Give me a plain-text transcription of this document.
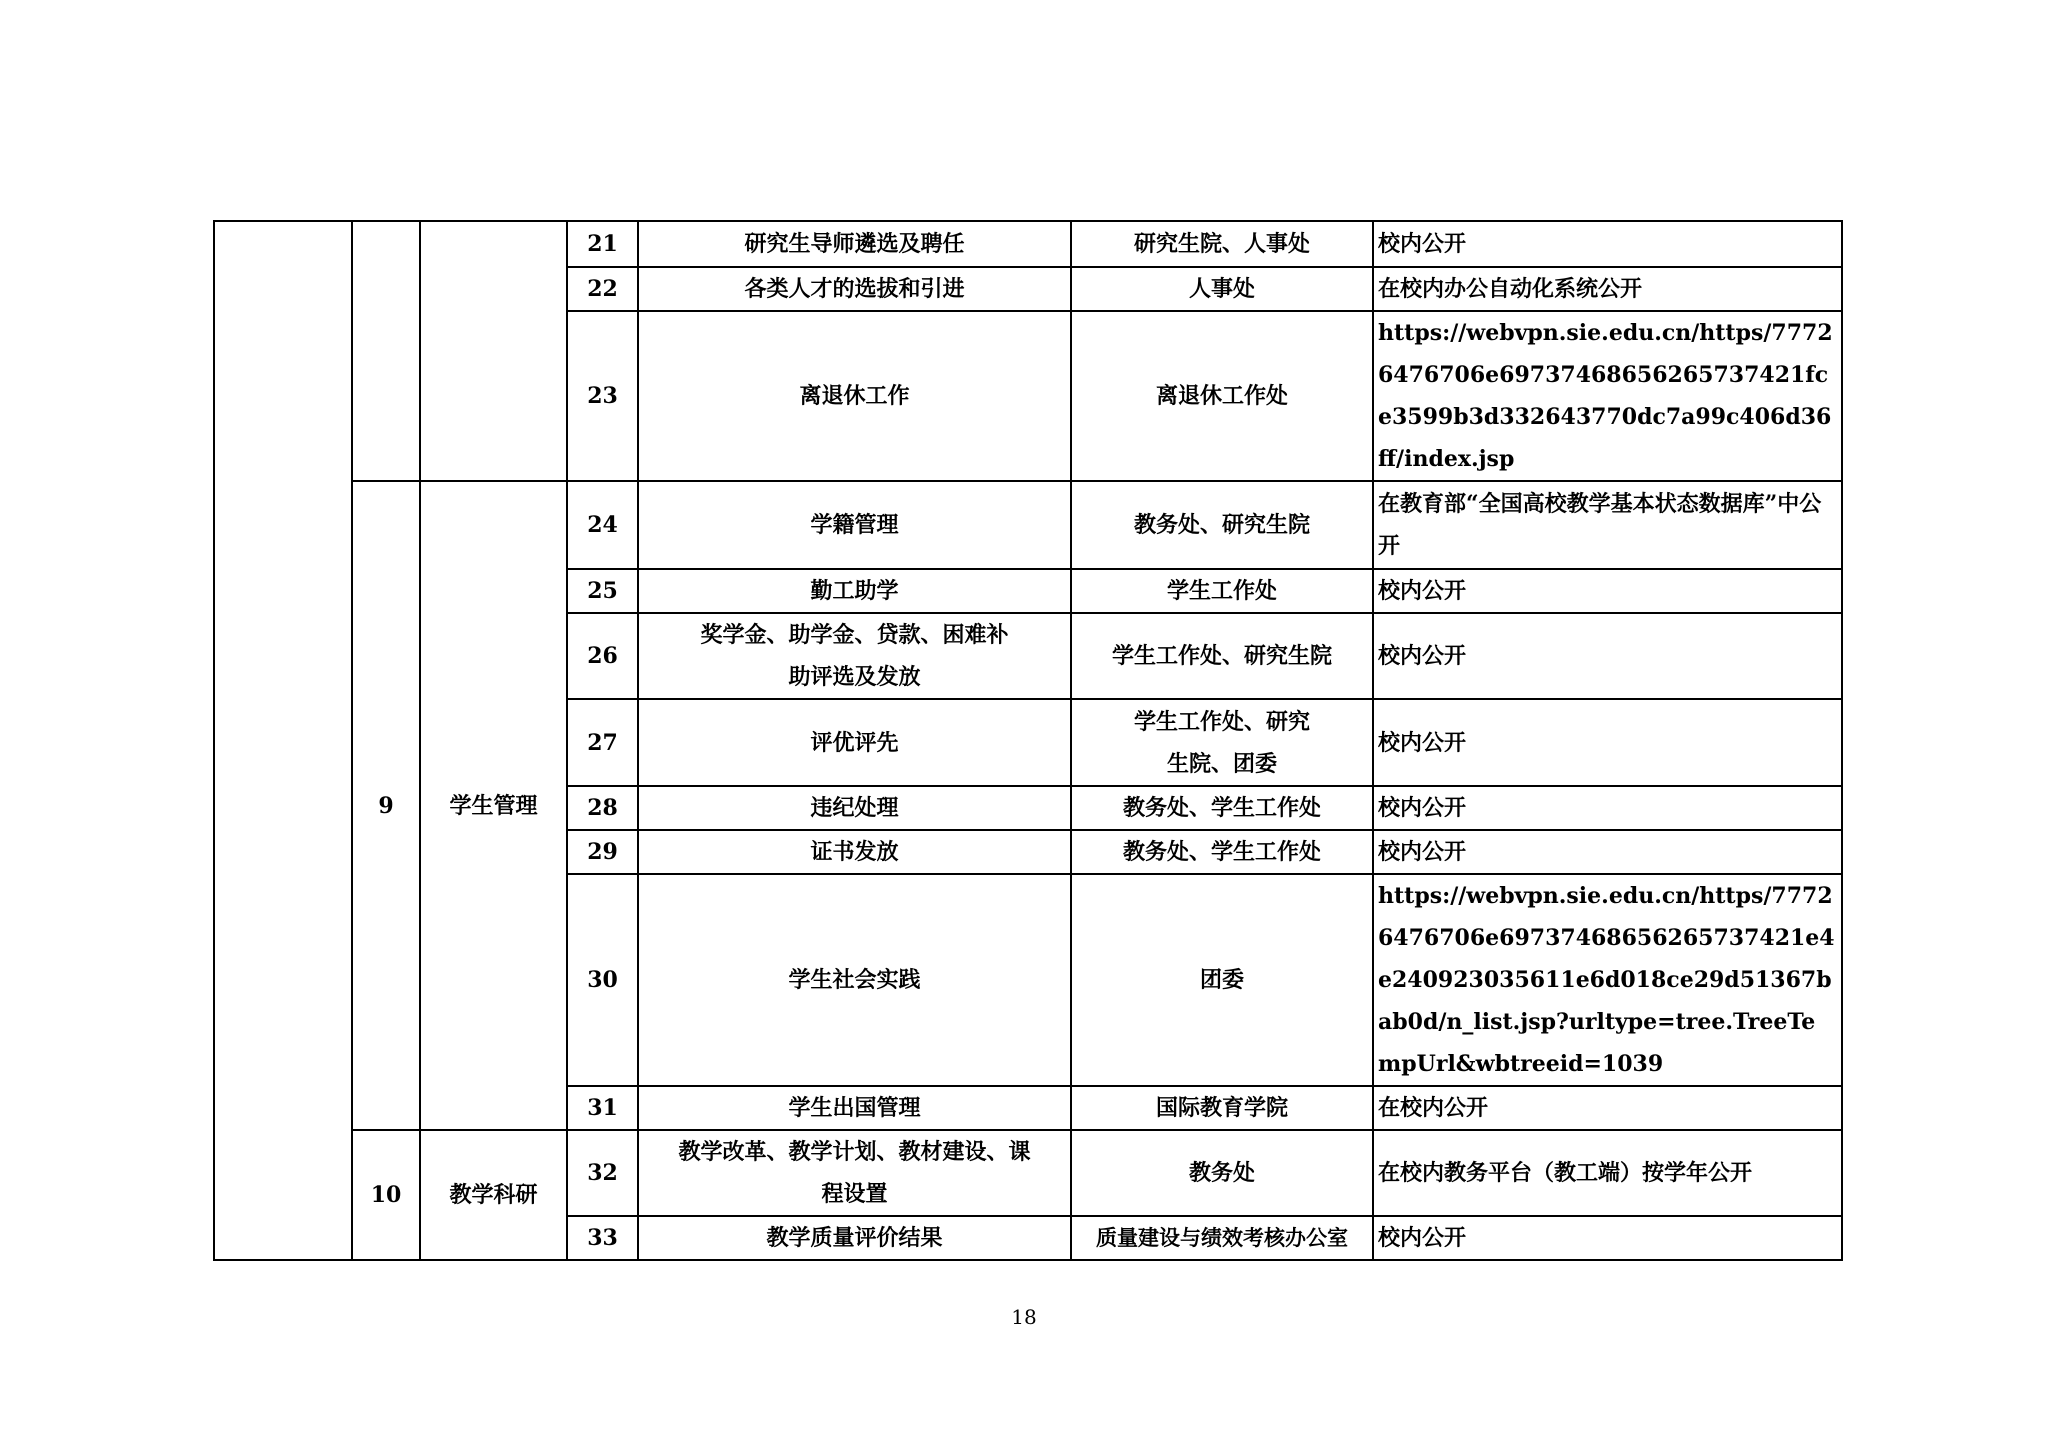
			21	研究生导师遴选及聘任	研究生院、人事处	校内公开
			22	各类人才的选拔和引进	人事处	在校内办公自动化系统公开
			23	离退休工作	离退休工作处	https://webvpn.sie.edu.cn/https/77726476706e69737468656265737421fce3599b3d332643770dc7a99c406d36ff/index.jsp
	9	学生管理	24	学籍管理	教务处、研究生院	在教育部“全国高校教学基本状态数据库”中公开
			25	勤工助学	学生工作处	校内公开
			26	奖学金、助学金、贷款、困难补助评选及发放	学生工作处、研究生院	校内公开
			27	评优评先	学生工作处、研究生院、团委	校内公开
			28	违纪处理	教务处、学生工作处	校内公开
			29	证书发放	教务处、学生工作处	校内公开
			30	学生社会实践	团委	https://webvpn.sie.edu.cn/https/77726476706e69737468656265737421e4e240923035611e6d018ce29d51367bab0d/n_list.jsp?urltype=tree.TreeTempUrl&wbtreeid=1039
			31	学生出国管理	国际教育学院	在校内公开
	10	教学科研	32	教学改革、教学计划、教材建设、课程设置	教务处	在校内教务平台（教工端）按学年公开
			33	教学质量评价结果	质量建设与绩效考核办公室	校内公开
18
